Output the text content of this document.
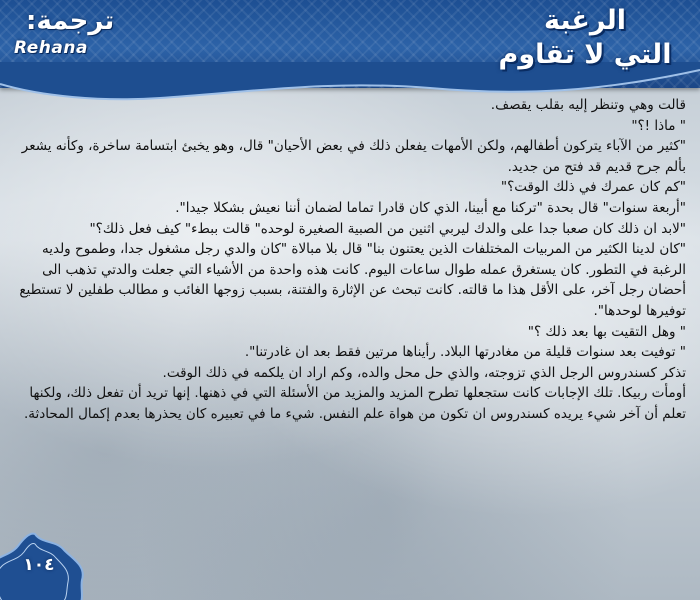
ترجمة:
Rehana
الرغبة
التي لا تقاوم

قالت وهي وتنظر إليه بقلب يقصف.

" ماذا !؟"

"كثير من الآباء يتركون أطفالهم، ولكن الأمهات يفعلن ذلك في بعض الأحيان" قال، وهو يخبئ ابتسامة ساخرة، وكأنه يشعر بألم جرح قديم قد فتح من جديد.

"كم كان عمرك في ذلك الوقت؟"

"أربعة سنوات" قال بحدة "تركنا مع أبينا، الذي كان قادرا تماما لضمان أننا نعيش بشكلا جيدا".

"لابد ان ذلك كان صعبا جدا على والدك ليربي اثنين من الصبية الصغيرة لوحده" قالت ببطء" كيف فعل ذلك؟"

"كان لدينا الكثير من المربيات المختلفات الذين يعتنون بنا" قال بلا مبالاة "كان والدي رجل مشغول جدا، وطموح ولديه الرغبة في التطور. كان يستغرق عمله طوال ساعات اليوم. كانت هذه واحدة من الأشياء التي جعلت والدتي تذهب الى أحضان رجل آخر، على الأقل هذا ما قالته. كانت تبحث عن الإثارة والفتنة، بسبب زوجها الغائب و مطالب طفلين لا تستطيع توفيرها لوحدها".

" وهل التقيت بها بعد ذلك ؟"

" توفيت بعد سنوات قليلة من مغادرتها البلاد. رأيناها مرتين فقط بعد ان غادرتنا".

تذكر كسندروس الرجل الذي تزوجته، والذي حل محل والده، وكم اراد ان يلكمه في ذلك الوقت.

أومأت ربيكا. تلك الإجابات كانت ستجعلها تطرح المزيد والمزيد من الأسئلة التي في ذهنها. إنها تريد أن تفعل ذلك، ولكنها تعلم أن آخر شيء يريده كسندروس ان تكون من هواة علم النفس. شيء ما في تعبيره كان يحذرها بعدم إكمال المحادثة.

١٠٤
